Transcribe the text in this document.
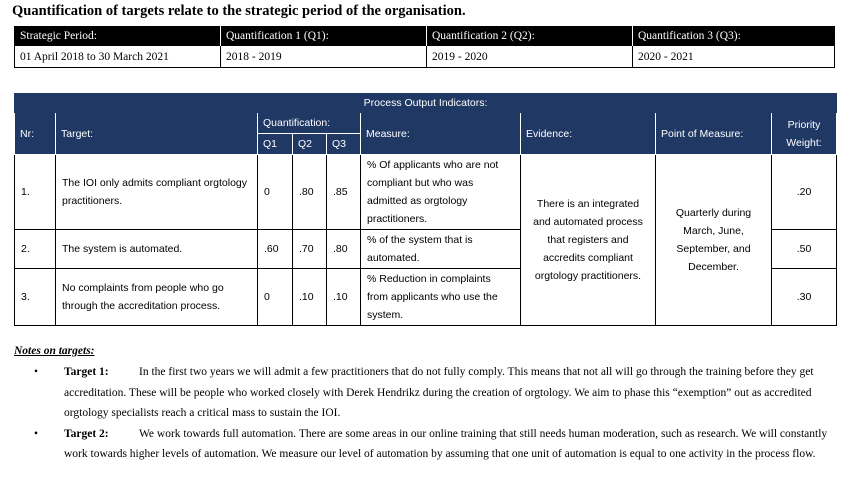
Quantification of targets relate to the strategic period of the organisation.
Strategic Period:	Quantification 1 (Q1):	Quantification 2 (Q2):	Quantification 3 (Q3):
01 April 2018 to 30 March 2021	2018 - 2019	2019 - 2020	2020 - 2021
Process Output Indicators:								
Nr:	Target:	Quantification:			Measure:	Evidence:	Point of Measure:	Priority Weight:
		Q1	Q2	Q3				
1.	The IOI only admits compliant orgtology practitioners.	0	.80	.85	% Of applicants who are not compliant but who was admitted as orgtology practitioners.	There is an integrated and automated process that registers and accredits compliant orgtology practitioners.	Quarterly during March, June, September, and December.	.20
2.	The system is automated.	.60	.70	.80	% of the system that is automated.			.50
3.	No complaints from people who go through the accreditation process.	0	.10	.10	% Reduction in complaints from applicants who use the system.			.30
Notes on targets:
• Target 1:	In the first two years we will admit a few practitioners that do not fully comply. This means that not all will go through the training before they get accreditation. These will be people who worked closely with Derek Hendrikz during the creation of orgtology. We aim to phase this “exemption” out as accredited orgtology specialists reach a critical mass to sustain the IOI.
• Target 2:	We work towards full automation. There are some areas in our online training that still needs human moderation, such as research. We will constantly work towards higher levels of automation. We measure our level of automation by assuming that one unit of automation is equal to one activity in the process flow.
